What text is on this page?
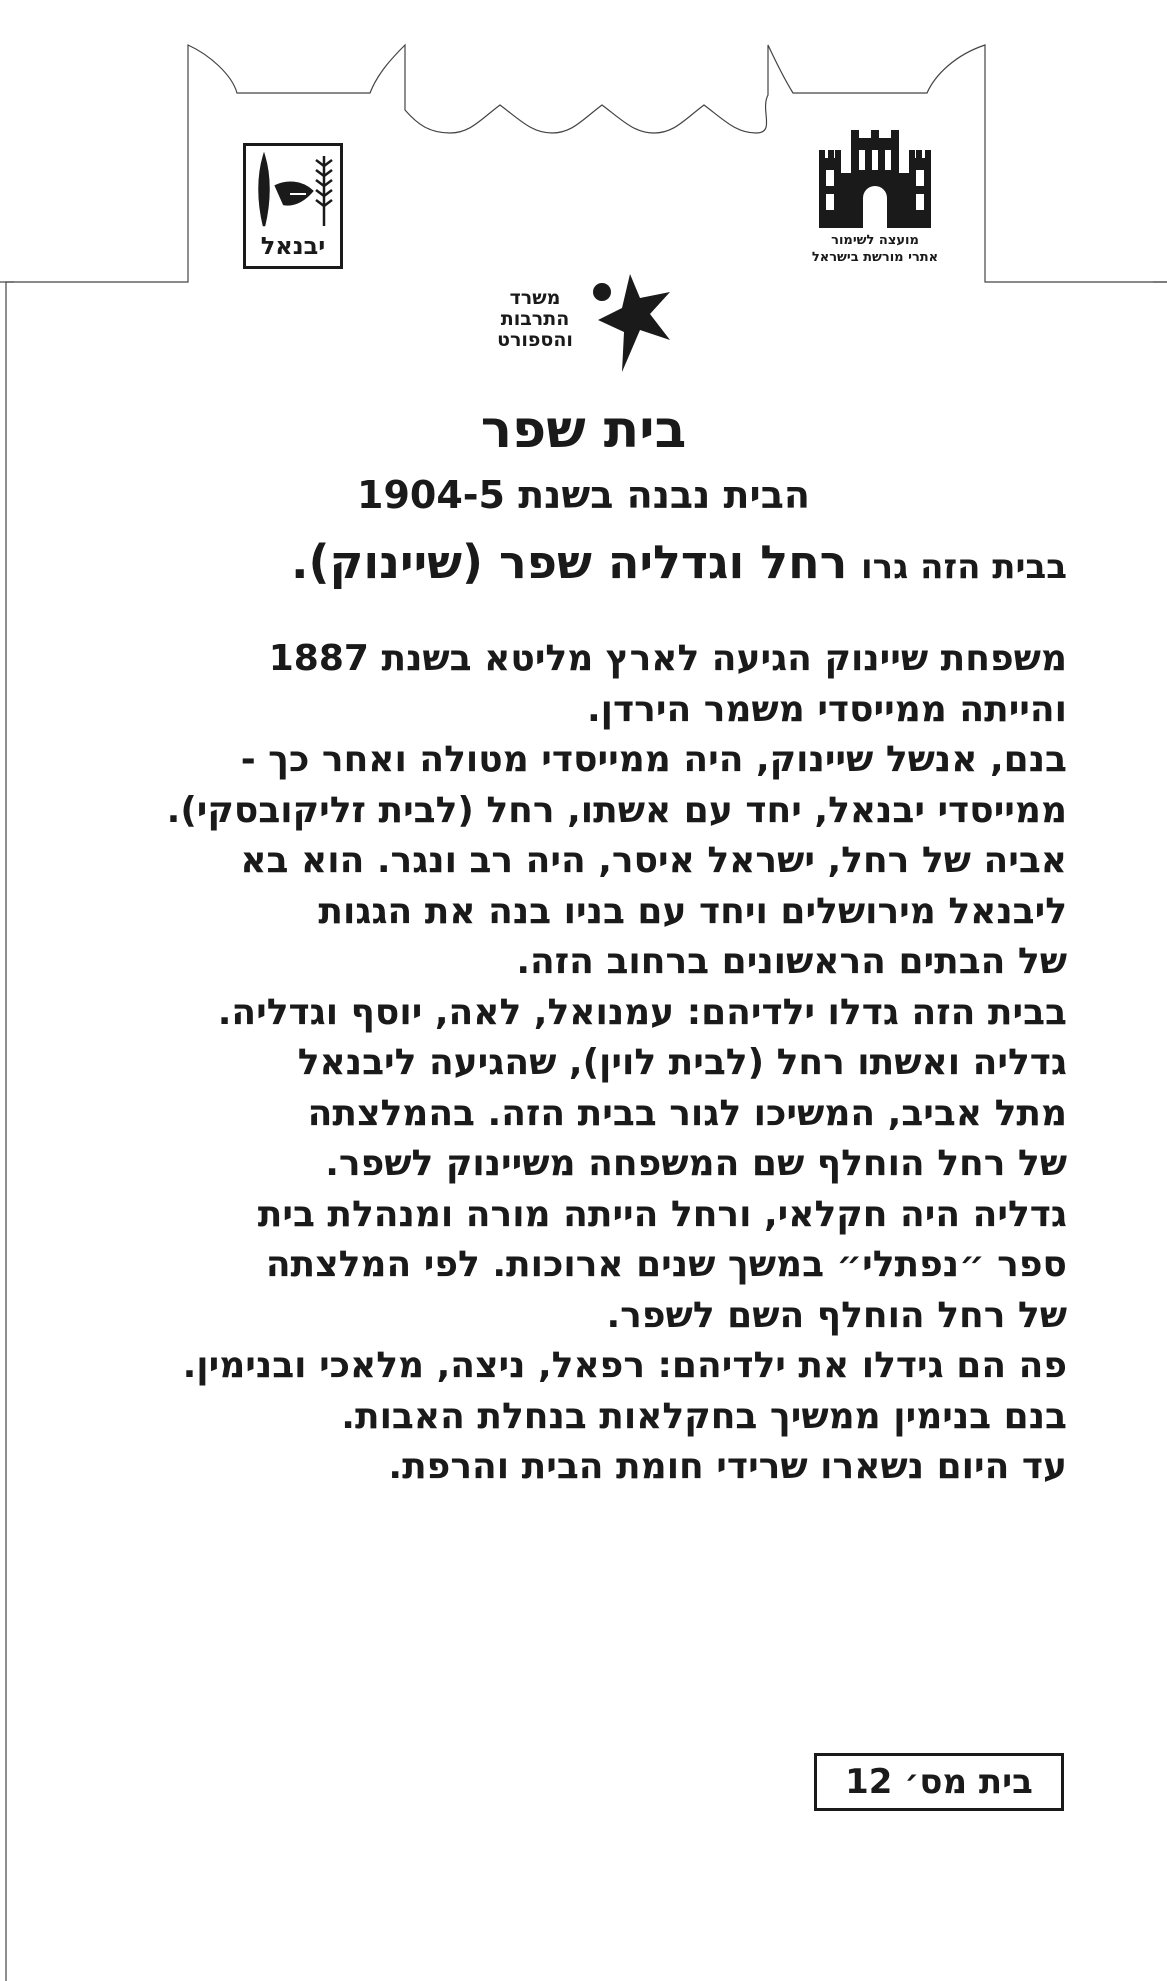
יבנאל	מועצה לשימור
אתרי מורשת בישראל
משרד
התרבות
והספורט
בית שפר
הבית נבנה בשנת 1904-5
בבית הזה גרו רחל וגדליה שפר (שיינוק).

משפחת שיינוק הגיעה לארץ מליטא בשנת 1887

והייתה ממייסדי משמר הירדן.

בנם, אנשל שיינוק, היה ממייסדי מטולה ואחר כך -

ממייסדי יבנאל, יחד עם אשתו, רחל (לבית זליקובסקי).

אביה של רחל, ישראל איסר, היה רב ונגר. הוא בא

ליבנאל מירושלים ויחד עם בניו בנה את הגגות

של הבתים הראשונים ברחוב הזה.

בבית הזה גדלו ילדיהם: עמנואל, לאה, יוסף וגדליה.

גדליה ואשתו רחל (לבית לוין), שהגיעה ליבנאל

מתל אביב, המשיכו לגור בבית הזה. בהמלצתה

של רחל הוחלף שם המשפחה משיינוק לשפר.

גדליה היה חקלאי, ורחל הייתה מורה ומנהלת בית

ספר ״נפתלי״ במשך שנים ארוכות. לפי המלצתה

של רחל הוחלף השם לשפר.

פה הם גידלו את ילדיהם: רפאל, ניצה, מלאכי ובנימין.

בנם בנימין ממשיך בחקלאות בנחלת האבות.

עד היום נשארו שרידי חומת הבית והרפת.

בית מס׳ 12
